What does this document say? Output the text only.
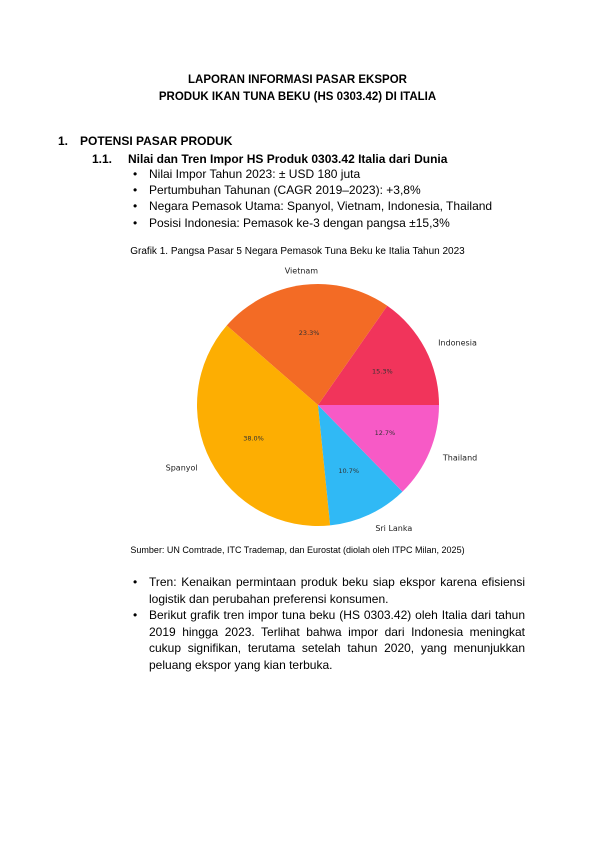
LAPORAN INFORMASI PASAR EKSPOR
PRODUK IKAN TUNA BEKU (HS 0303.42) DI ITALIA
1. POTENSI PASAR PRODUK
1.1. Nilai dan Tren Impor HS Produk 0303.42 Italia dari Dunia
• Nilai Impor Tahun 2023: ± USD 180 juta
• Pertumbuhan Tahunan (CAGR 2019–2023): +3,8%
• Negara Pemasok Utama: Spanyol, Vietnam, Indonesia, Thailand
• Posisi Indonesia: Pemasok ke-3 dengan pangsa ±15,3%
Grafik 1. Pangsa Pasar 5 Negara Pemasok Tuna Beku ke Italia Tahun 2023
15.3%
Indonesia
23.3%
Vietnam
38.0%
Spanyol	10.7%
Sri Lanka
12.7%
Thailand
Sumber: UN Comtrade, ITC Trademap, dan Eurostat (diolah oleh ITPC Milan, 2025)
• Tren: Kenaikan permintaan produk beku siap ekspor karena efisiensi logistik dan perubahan preferensi konsumen.
• Berikut grafik tren impor tuna beku (HS 0303.42) oleh Italia dari tahun 2019 hingga 2023. Terlihat bahwa impor dari Indonesia meningkat cukup signifikan, terutama setelah tahun 2020, yang menunjukkan peluang ekspor yang kian terbuka.
